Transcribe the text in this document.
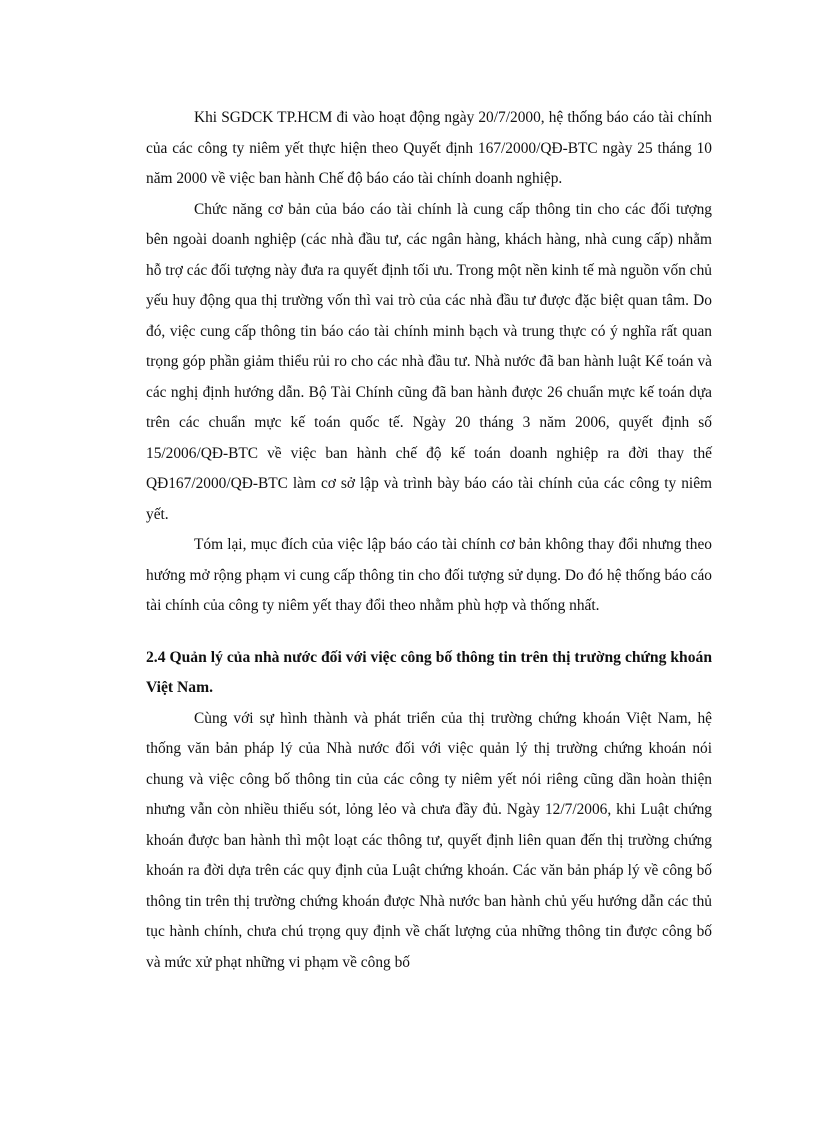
Khi SGDCK TP.HCM đi vào hoạt động ngày 20/7/2000, hệ thống báo cáo tài chính của các công ty niêm yết thực hiện theo Quyết định 167/2000/QĐ-BTC ngày 25 tháng 10 năm 2000 về việc ban hành Chế độ báo cáo tài chính doanh nghiệp.

Chức năng cơ bản của báo cáo tài chính là cung cấp thông tin cho các đối tượng bên ngoài doanh nghiệp (các nhà đầu tư, các ngân hàng, khách hàng, nhà cung cấp) nhằm hỗ trợ các đối tượng này đưa ra quyết định tối ưu. Trong một nền kinh tế mà nguồn vốn chủ yếu huy động qua thị trường vốn thì vai trò của các nhà đầu tư được đặc biệt quan tâm. Do đó, việc cung cấp thông tin báo cáo tài chính minh bạch và trung thực có ý nghĩa rất quan trọng góp phần giảm thiểu rủi ro cho các nhà đầu tư. Nhà nước đã ban hành luật Kế toán và các nghị định hướng dẫn. Bộ Tài Chính cũng đã ban hành được 26 chuẩn mực kế toán dựa trên các chuẩn mực kế toán quốc tế. Ngày 20 tháng 3 năm 2006, quyết định số 15/2006/QĐ-BTC về việc ban hành chế độ kế toán doanh nghiệp ra đời thay thế QĐ167/2000/QĐ-BTC làm cơ sở lập và trình bày báo cáo tài chính của các công ty niêm yết.

Tóm lại, mục đích của việc lập báo cáo tài chính cơ bản không thay đổi nhưng theo hướng mở rộng phạm vi cung cấp thông tin cho đối tượng sử dụng. Do đó hệ thống báo cáo tài chính của công ty niêm yết thay đổi theo nhằm phù hợp và thống nhất.

2.4 Quản lý của nhà nước đối với việc công bố thông tin trên thị trường chứng khoán Việt Nam.

Cùng với sự hình thành và phát triển của thị trường chứng khoán Việt Nam, hệ thống văn bản pháp lý của Nhà nước đối với việc quản lý thị trường chứng khoán nói chung và việc công bố thông tin của các công ty niêm yết nói riêng cũng dần hoàn thiện nhưng vẫn còn nhiều thiếu sót, lỏng lẻo và chưa đầy đủ. Ngày 12/7/2006, khi Luật chứng khoán được ban hành thì một loạt các thông tư, quyết định liên quan đến thị trường chứng khoán ra đời dựa trên các quy định của Luật chứng khoán. Các văn bản pháp lý về công bố thông tin trên thị trường chứng khoán được Nhà nước ban hành chủ yếu hướng dẫn các thủ tục hành chính, chưa chú trọng quy định về chất lượng của những thông tin được công bố và mức xử phạt những vi phạm về công bố
